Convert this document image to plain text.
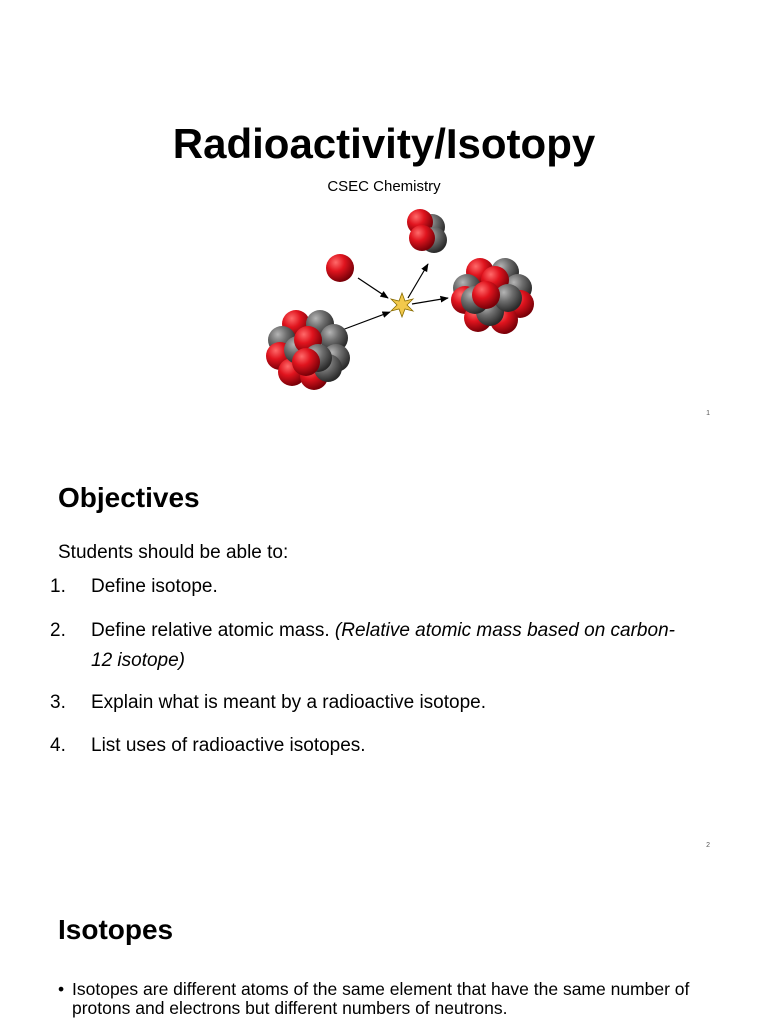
Radioactivity/Isotopy
CSEC Chemistry
1
Objectives
Students should be able to:
1.	Define isotope.
2.	Define relative atomic mass. (Relative atomic mass based on carbon-12 isotope)
3.	Explain what is meant by a radioactive isotope.
4.	List uses of radioactive isotopes.
2
Isotopes
• Isotopes are different atoms of the same element that have the same number of protons and electrons but different numbers of neutrons.
